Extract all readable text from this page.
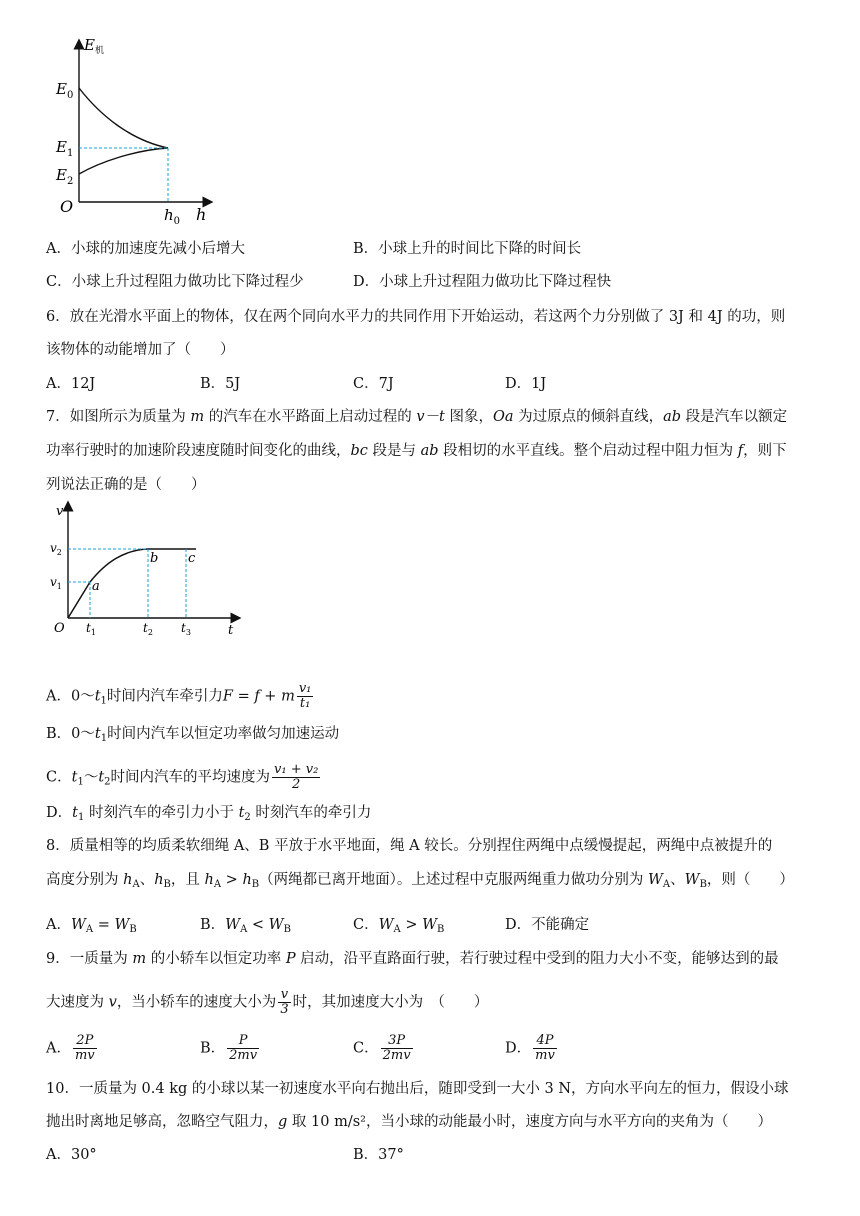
$E_机$
$E_0$
$E_1$
$E_2$
O	$h_0$ h
A．小球的加速度先减小后增大	B．小球上升的时间比下降的时间长
C．小球上升过程阻力做功比下降过程少	D．小球上升过程阻力做功比下降过程快
6．放在光滑水平面上的物体，仅在两个同向水平力的共同作用下开始运动，若这两个力分别做了 3J 和 4J 的功，则
该物体的动能增加了（　　）
A．12J	B．5J	C．7J	D．1J
7．如图所示为质量为 m 的汽车在水平路面上启动过程的 v－t 图象，Oa 为过原点的倾斜直线，ab 段是汽车以额定
功率行驶时的加速阶段速度随时间变化的曲线，bc 段是与 ab 段相切的水平直线。整个启动过程中阻力恒为 f，则下
列说法正确的是（　　）
v
$v_2$
$v_1$ a
b c
O $t_1$	$t_2$ $t_3$	t
A．$0\sim t_1$时间内汽车牵引力F = f + m $\frac{\text{v₁}}{\text{t₁}}$
B．$0\sim t_1$时间内汽车以恒定功率做匀加速运动
C．$t_1\sim t_2$时间内汽车的平均速度为 $\frac{\text{v₁ + v₂}}{2}$
D．$t_1$ 时刻汽车的牵引力小于 $t_2$ 时刻汽车的牵引力
8．质量相等的均质柔软细绳 A、B 平放于水平地面，绳 A 较长。分别捏住两绳中点缓慢提起，两绳中点被提升的
高度分别为 $h_A$、$h_B$，且 $h_A > h_B$（两绳都已离开地面）。上述过程中克服两绳重力做功分别为 $W_A$、$W_B$，则（　　）
A．$W_A = W_B$	B．$W_A < W_B$	C．$W_A > W_B$	D．不能确定
9．一质量为 m 的小轿车以恒定功率 P 启动，沿平直路面行驶，若行驶过程中受到的阻力大小不变，能够达到的最
大速度为 v，当小轿车的速度大小为 $\frac{v}{3}$ 时，其加速度大小为　（　　）
A． $\frac{2P}{mv}$	B． $\frac{P}{2mv}$	C． $\frac{3P}{2mv}$	D． $\frac{4P}{mv}$
10．一质量为 0.4 kg 的小球以某一初速度水平向右抛出后，随即受到一大小 3 N，方向水平向左的恒力，假设小球
抛出时离地足够高，忽略空气阻力，g 取 10 m/s²，当小球的动能最小时，速度方向与水平方向的夹角为（　　）
A．30°	B．37°
